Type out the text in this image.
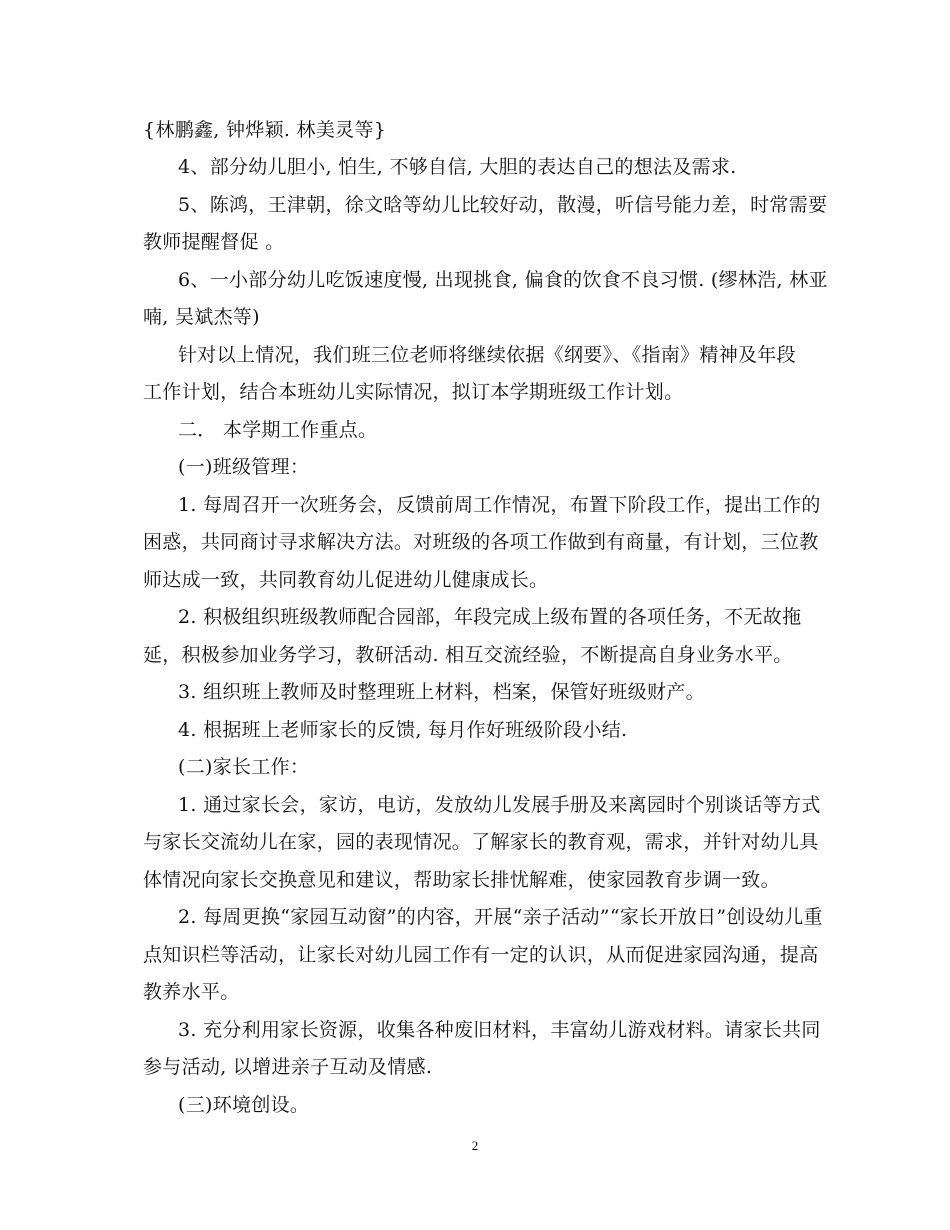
{林鹏鑫, 钟烨颖. 林美灵等}
4、部分幼儿胆小, 怕生, 不够自信, 大胆的表达自己的想法及需求.
5、陈鸿，王津朝，徐文晗等幼儿比较好动，散漫，听信号能力差，时常需要
教师提醒督促 。
6、一小部分幼儿吃饭速度慢, 出现挑食, 偏食的饮食不良习惯. (缪林浩, 林亚
喃, 吴斌杰等)
针对以上情况，我们班三位老师将继续依据《纲要》、《指南》精神及年段
工作计划，结合本班幼儿实际情况，拟订本学期班级工作计划。
二． 本学期工作重点。
(一)班级管理：
1. 每周召开一次班务会，反馈前周工作情况，布置下阶段工作，提出工作的
困惑，共同商讨寻求解决方法。对班级的各项工作做到有商量，有计划，三位教
师达成一致，共同教育幼儿促进幼儿健康成长。
2. 积极组织班级教师配合园部，年段完成上级布置的各项任务，不无故拖
延，积极参加业务学习，教研活动. 相互交流经验，不断提高自身业务水平。
3. 组织班上教师及时整理班上材料，档案，保管好班级财产。
4. 根据班上老师家长的反馈, 每月作好班级阶段小结.
(二)家长工作：
1. 通过家长会，家访，电访，发放幼儿发展手册及来离园时个别谈话等方式
与家长交流幼儿在家，园的表现情况。了解家长的教育观，需求，并针对幼儿具
体情况向家长交换意见和建议，帮助家长排忧解难，使家园教育步调一致。
2. 每周更换“家园互动窗”的内容，开展“亲子活动”“家长开放日”创设幼儿重
点知识栏等活动，让家长对幼儿园工作有一定的认识，从而促进家园沟通，提高
教养水平。
3. 充分利用家长资源，收集各种废旧材料，丰富幼儿游戏材料。请家长共同
参与活动, 以增进亲子互动及情感.
(三)环境创设。
2
